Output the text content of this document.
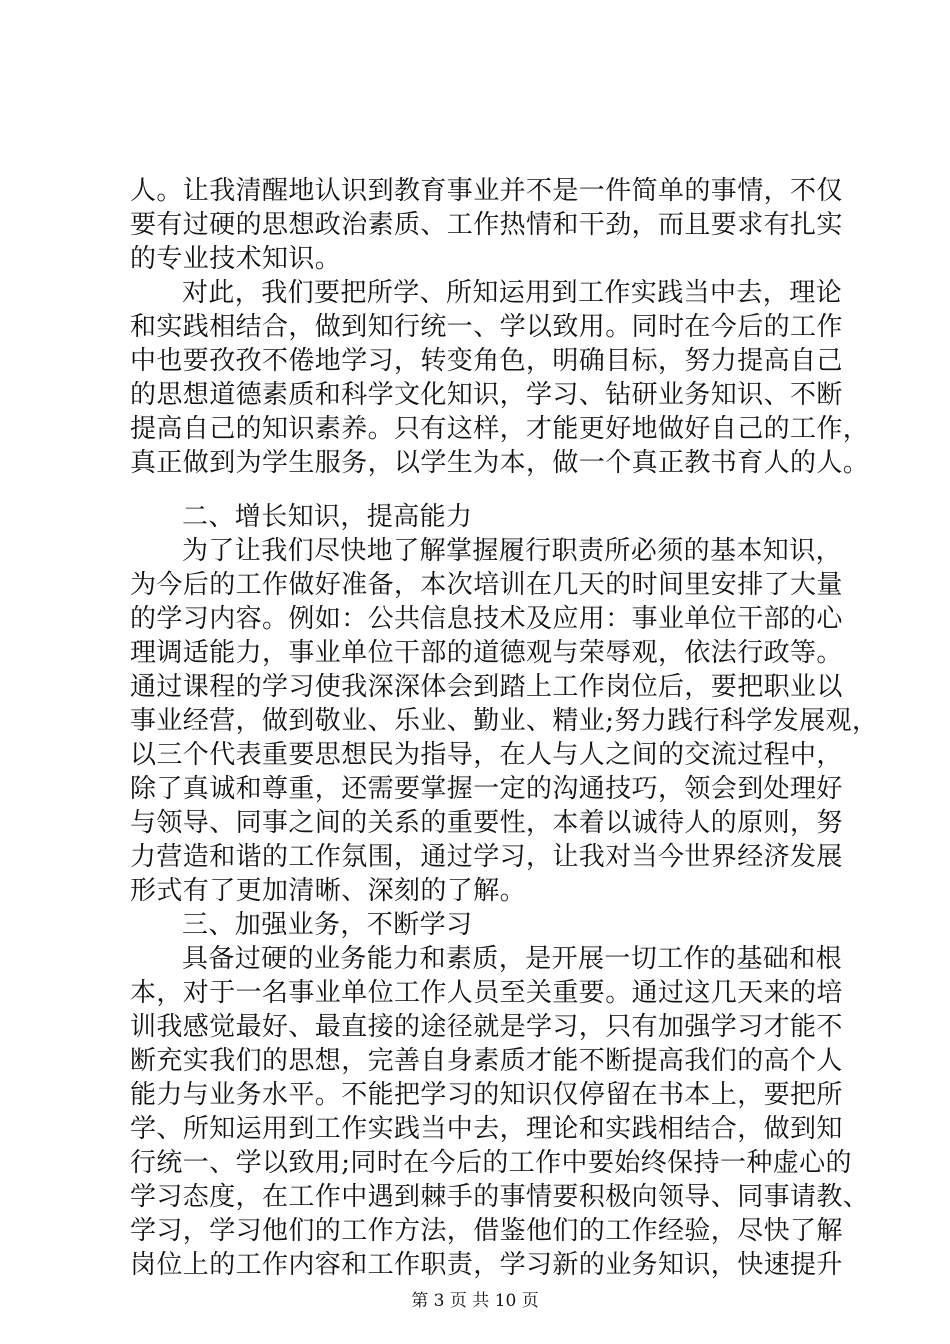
人。让我清醒地认识到教育事业并不是一件简单的事情，不仅
要有过硬的思想政治素质、工作热情和干劲，而且要求有扎实
的专业技术知识。
对此，我们要把所学、所知运用到工作实践当中去，理论
和实践相结合，做到知行统一、学以致用。同时在今后的工作
中也要孜孜不倦地学习，转变角色，明确目标，努力提高自己
的思想道德素质和科学文化知识，学习、钻研业务知识、不断
提高自己的知识素养。只有这样，才能更好地做好自己的工作，
真正做到为学生服务，以学生为本，做一个真正教书育人的人。
二、增长知识，提高能力
为了让我们尽快地了解掌握履行职责所必须的基本知识，
为今后的工作做好准备，本次培训在几天的时间里安排了大量
的学习内容。例如：公共信息技术及应用：事业单位干部的心
理调适能力，事业单位干部的道德观与荣辱观，依法行政等。
通过课程的学习使我深深体会到踏上工作岗位后，要把职业以
事业经营，做到敬业、乐业、勤业、精业;努力践行科学发展观，
以三个代表重要思想民为指导，在人与人之间的交流过程中，
除了真诚和尊重，还需要掌握一定的沟通技巧，领会到处理好
与领导、同事之间的关系的重要性，本着以诚待人的原则，努
力营造和谐的工作氛围，通过学习，让我对当今世界经济发展
形式有了更加清晰、深刻的了解。
三、加强业务，不断学习
具备过硬的业务能力和素质，是开展一切工作的基础和根
本，对于一名事业单位工作人员至关重要。通过这几天来的培
训我感觉最好、最直接的途径就是学习，只有加强学习才能不
断充实我们的思想，完善自身素质才能不断提高我们的高个人
能力与业务水平。不能把学习的知识仅停留在书本上，要把所
学、所知运用到工作实践当中去，理论和实践相结合，做到知
行统一、学以致用;同时在今后的工作中要始终保持一种虚心的
学习态度，在工作中遇到棘手的事情要积极向领导、同事请教、
学习，学习他们的工作方法，借鉴他们的工作经验，尽快了解
岗位上的工作内容和工作职责，学习新的业务知识，快速提升
第 3 页 共 10 页
